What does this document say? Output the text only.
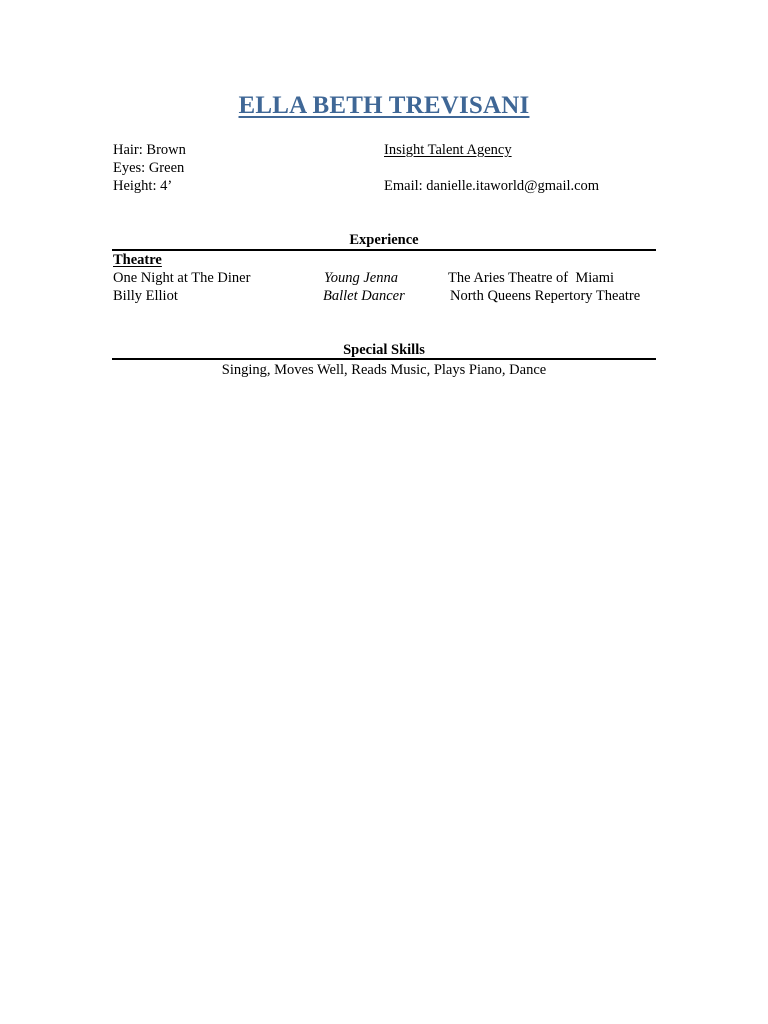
ELLA BETH TREVISANI
Hair: Brown
Eyes: Green
Height: 4’
Insight Talent Agency
Email: danielle.itaworld@gmail.com
Experience
Theatre
One Night at The Diner	Young Jenna	The Aries Theatre of  Miami
Billy Elliot	Ballet Dancer	North Queens Repertory Theatre
Special Skills
Singing, Moves Well, Reads Music, Plays Piano, Dance
